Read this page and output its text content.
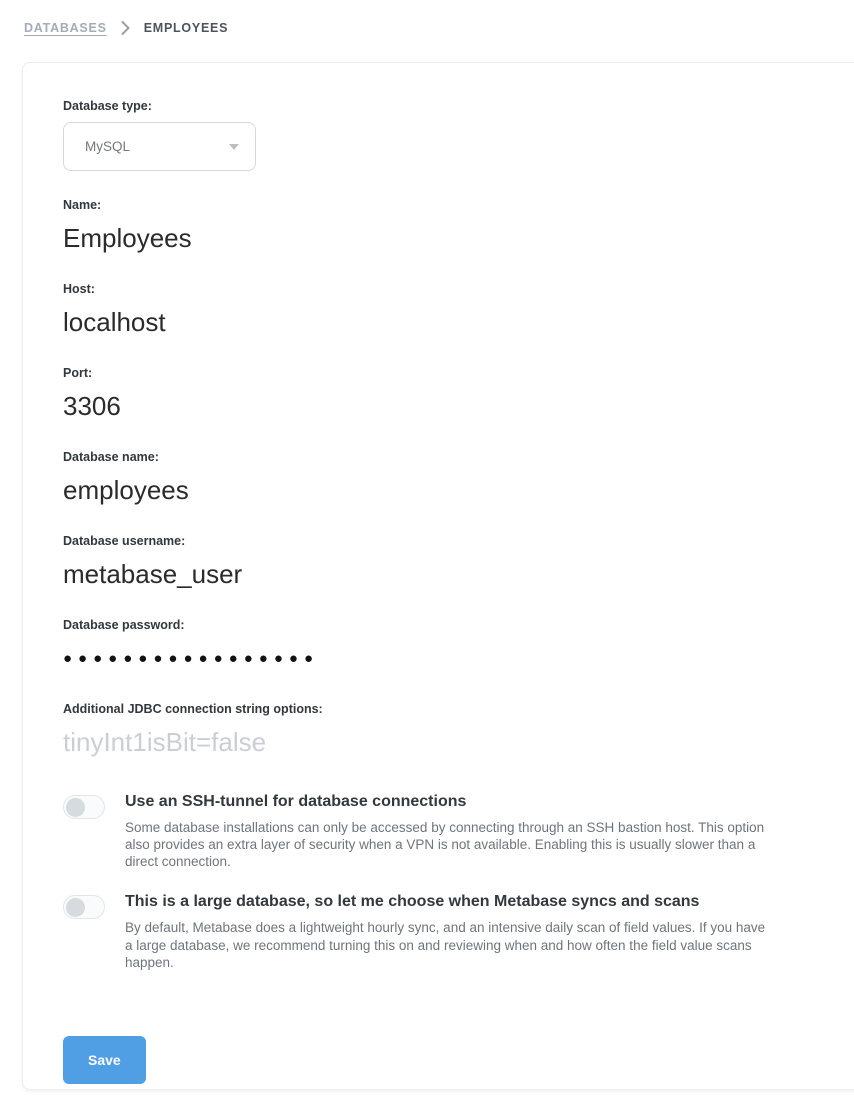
DATABASES	EMPLOYEES
Database type:
MySQL
Name:
Employees
Host:
localhost
Port:
3306
Database name:
employees
Database username:
metabase_user
Database password:
●●●●●●●●●●●●●●●●●
Additional JDBC connection string options:
tinyInt1isBit=false
Use an SSH-tunnel for database connections
Some database installations can only be accessed by connecting through an SSH bastion host. This option also provides an extra layer of security when a VPN is not available. Enabling this is usually slower than a direct connection.
This is a large database, so let me choose when Metabase syncs and scans
By default, Metabase does a lightweight hourly sync, and an intensive daily scan of field values. If you have a large database, we recommend turning this on and reviewing when and how often the field value scans happen.
Save
